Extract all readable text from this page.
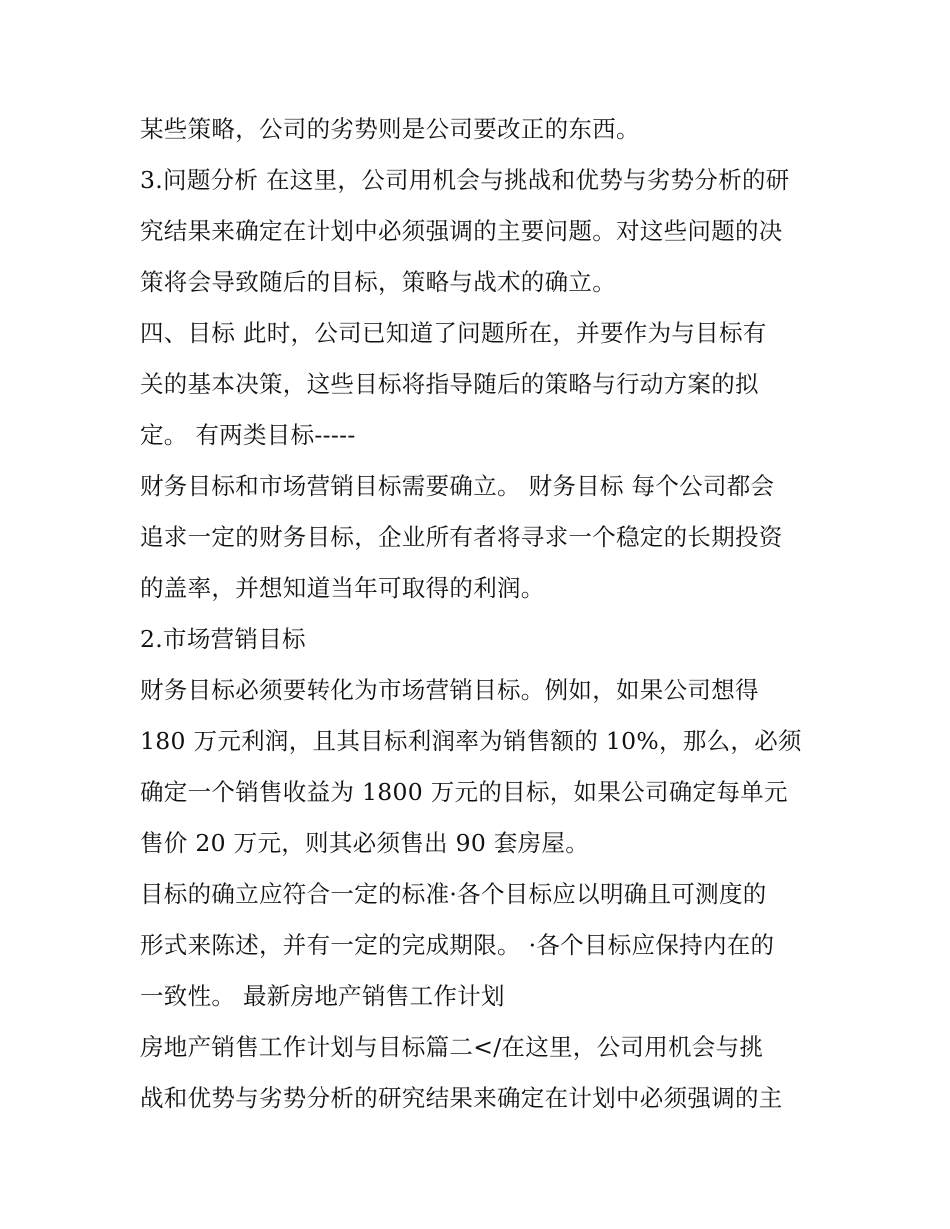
某些策略，公司的劣势则是公司要改正的东西。
3.问题分析 在这里，公司用机会与挑战和优势与劣势分析的研
究结果来确定在计划中必须强调的主要问题。对这些问题的决
策将会导致随后的目标，策略与战术的确立。
四、目标 此时，公司已知道了问题所在，并要作为与目标有
关的基本决策，这些目标将指导随后的策略与行动方案的拟
定。 有两类目标-----
财务目标和市场营销目标需要确立。 财务目标 每个公司都会
追求一定的财务目标，企业所有者将寻求一个稳定的长期投资
的盖率，并想知道当年可取得的利润。
2.市场营销目标
财务目标必须要转化为市场营销目标。例如，如果公司想得
180 万元利润，且其目标利润率为销售额的 10%，那么，必须
确定一个销售收益为 1800 万元的目标，如果公司确定每单元
售价 20 万元，则其必须售出 90 套房屋。
目标的确立应符合一定的标准·各个目标应以明确且可测度的
形式来陈述，并有一定的完成期限。 ·各个目标应保持内在的
一致性。 最新房地产销售工作计划
房地产销售工作计划与目标篇二</在这里，公司用机会与挑
战和优势与劣势分析的研究结果来确定在计划中必须强调的主
